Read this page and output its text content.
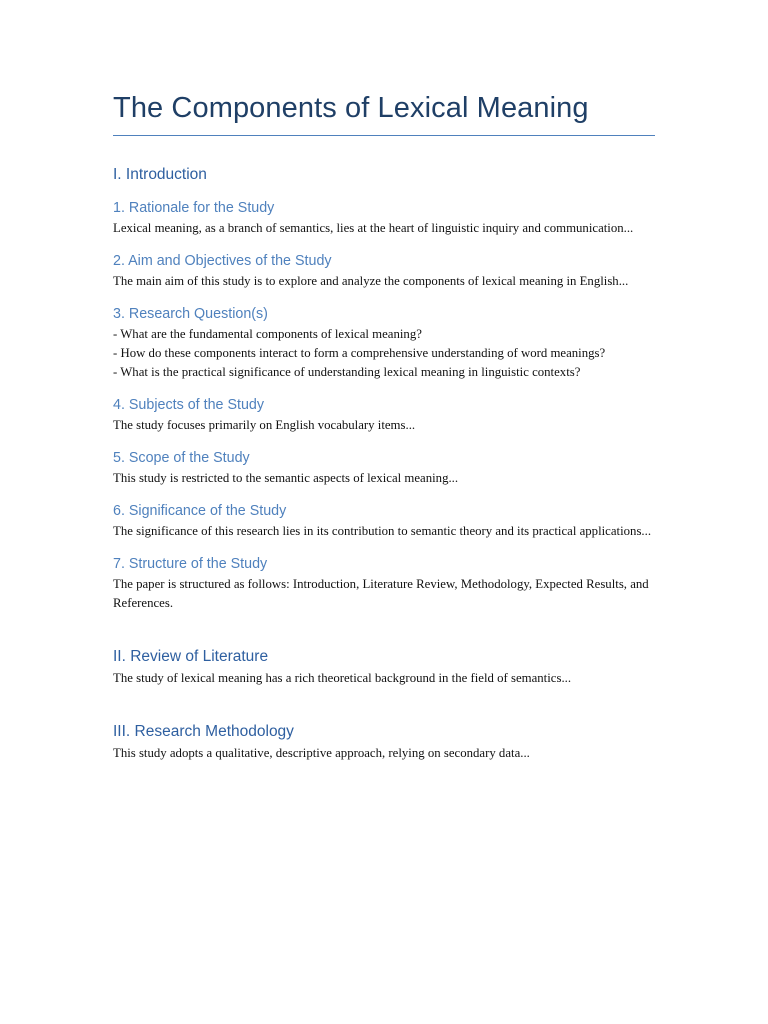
The Components of Lexical Meaning
I. Introduction
1. Rationale for the Study

Lexical meaning, as a branch of semantics, lies at the heart of linguistic inquiry and communication...

2. Aim and Objectives of the Study

The main aim of this study is to explore and analyze the components of lexical meaning in English...

3. Research Question(s)

- What are the fundamental components of lexical meaning?

- How do these components interact to form a comprehensive understanding of word meanings?

- What is the practical significance of understanding lexical meaning in linguistic contexts?

4. Subjects of the Study

The study focuses primarily on English vocabulary items...

5. Scope of the Study

This study is restricted to the semantic aspects of lexical meaning...

6. Significance of the Study

The significance of this research lies in its contribution to semantic theory and its practical applications...

7. Structure of the Study

The paper is structured as follows: Introduction, Literature Review, Methodology, Expected Results, and References.

II. Review of Literature

The study of lexical meaning has a rich theoretical background in the field of semantics...

III. Research Methodology

This study adopts a qualitative, descriptive approach, relying on secondary data...
